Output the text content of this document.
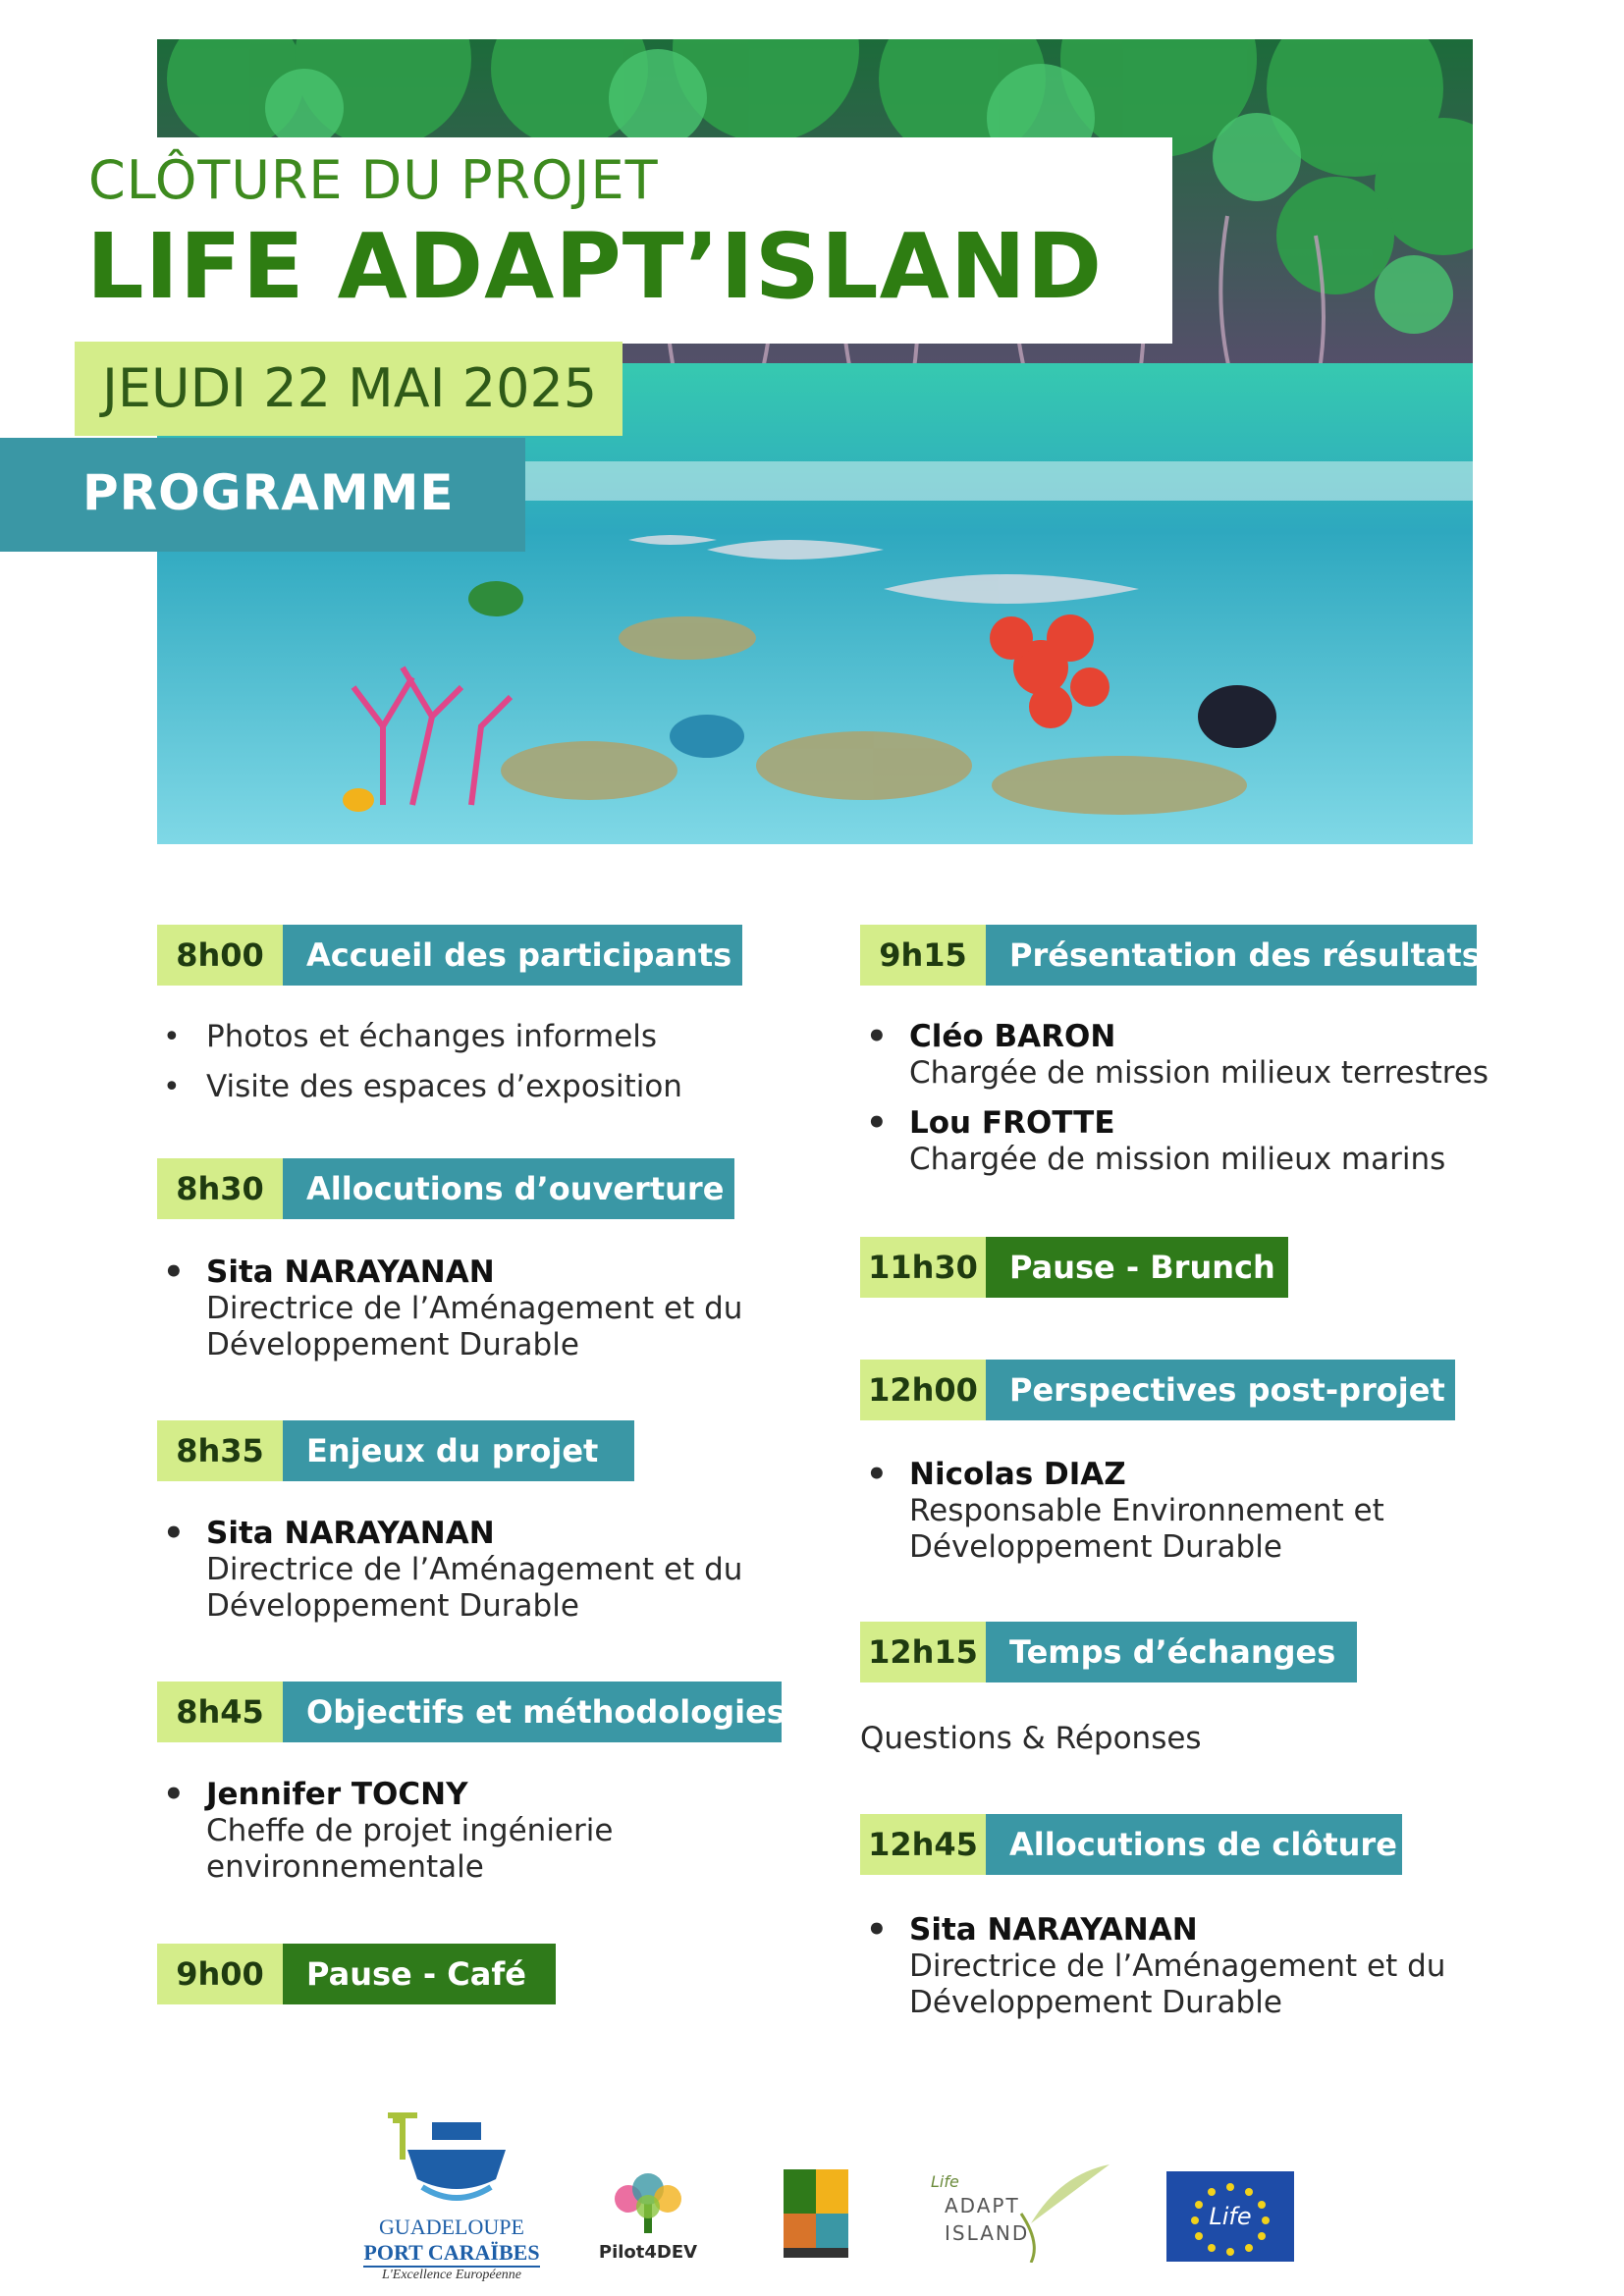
CLÔTURE DU PROJET
LIFE ADAPT’ISLAND
JEUDI 22 MAI 2025
PROGRAMME
8h00	Accueil des participants
• Photos et échanges informels
• Visite des espaces d’exposition
8h30	Allocutions d’ouverture
• Sita NARAYANAN
Directrice de l’Aménagement et du
Développement Durable
8h35	Enjeux du projet
• Sita NARAYANAN
Directrice de l’Aménagement et du
Développement Durable
8h45	Objectifs et méthodologies
• Jennifer TOCNY
Cheffe de projet ingénierie
environnementale
9h00	Pause - Café
9h15	Présentation des résultats
• Cléo BARON
Chargée de mission milieux terrestres
• Lou FROTTE
Chargée de mission milieux marins
11h30	Pause - Brunch
12h00	Perspectives post-projet
• Nicolas DIAZ
Responsable Environnement et
Développement Durable
12h15	Temps d’échanges
Questions & Réponses
12h45	Allocutions de clôture
• Sita NARAYANAN
Directrice de l’Aménagement et du
Développement Durable
GUADELOUPE
PORT CARAÏBES
L'Excellence Européenne
Pilot4DEV
Life
ADAPT
ISLAND
Life
